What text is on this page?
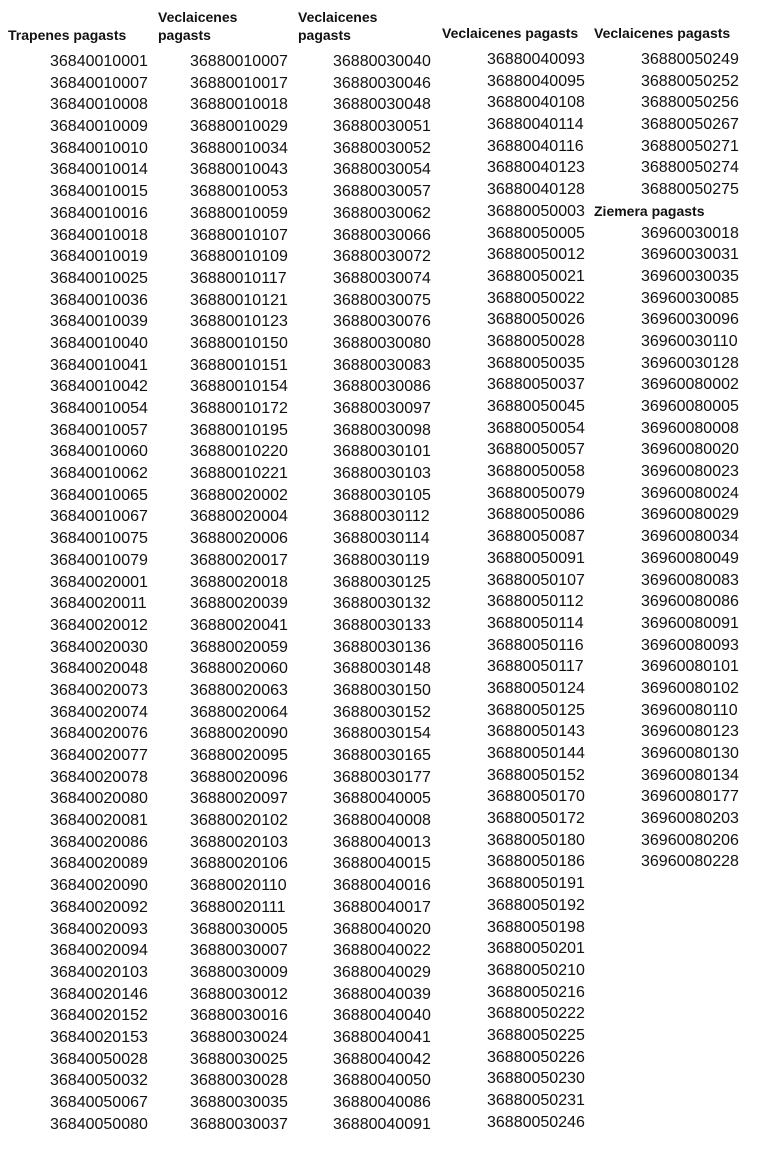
Trapenes pagasts
36840010001
36840010007
36840010008
36840010009
36840010010
36840010014
36840010015
36840010016
36840010018
36840010019
36840010025
36840010036
36840010039
36840010040
36840010041
36840010042
36840010054
36840010057
36840010060
36840010062
36840010065
36840010067
36840010075
36840010079
36840020001
36840020011
36840020012
36840020030
36840020048
36840020073
36840020074
36840020076
36840020077
36840020078
36840020080
36840020081
36840020086
36840020089
36840020090
36840020092
36840020093
36840020094
36840020103
36840020146
36840020152
36840020153
36840050028
36840050032
36840050067
36840050080
Veclaicenes
pagasts
36880010007
36880010017
36880010018
36880010029
36880010034
36880010043
36880010053
36880010059
36880010107
36880010109
36880010117
36880010121
36880010123
36880010150
36880010151
36880010154
36880010172
36880010195
36880010220
36880010221
36880020002
36880020004
36880020006
36880020017
36880020018
36880020039
36880020041
36880020059
36880020060
36880020063
36880020064
36880020090
36880020095
36880020096
36880020097
36880020102
36880020103
36880020106
36880020110
36880020111
36880030005
36880030007
36880030009
36880030012
36880030016
36880030024
36880030025
36880030028
36880030035
36880030037
Veclaicenes
pagasts
36880030040
36880030046
36880030048
36880030051
36880030052
36880030054
36880030057
36880030062
36880030066
36880030072
36880030074
36880030075
36880030076
36880030080
36880030083
36880030086
36880030097
36880030098
36880030101
36880030103
36880030105
36880030112
36880030114
36880030119
36880030125
36880030132
36880030133
36880030136
36880030148
36880030150
36880030152
36880030154
36880030165
36880030177
36880040005
36880040008
36880040013
36880040015
36880040016
36880040017
36880040020
36880040022
36880040029
36880040039
36880040040
36880040041
36880040042
36880040050
36880040086
36880040091
Veclaicenes pagasts
36880040093
36880040095
36880040108
36880040114
36880040116
36880040123
36880040128
36880050003
36880050005
36880050012
36880050021
36880050022
36880050026
36880050028
36880050035
36880050037
36880050045
36880050054
36880050057
36880050058
36880050079
36880050086
36880050087
36880050091
36880050107
36880050112
36880050114
36880050116
36880050117
36880050124
36880050125
36880050143
36880050144
36880050152
36880050170
36880050172
36880050180
36880050186
36880050191
36880050192
36880050198
36880050201
36880050210
36880050216
36880050222
36880050225
36880050226
36880050230
36880050231
36880050246
Veclaicenes pagasts
36880050249
36880050252
36880050256
36880050267
36880050271
36880050274
36880050275
Ziemera pagasts
36960030018
36960030031
36960030035
36960030085
36960030096
36960030110
36960030128
36960080002
36960080005
36960080008
36960080020
36960080023
36960080024
36960080029
36960080034
36960080049
36960080083
36960080086
36960080091
36960080093
36960080101
36960080102
36960080110
36960080123
36960080130
36960080134
36960080177
36960080203
36960080206
36960080228
